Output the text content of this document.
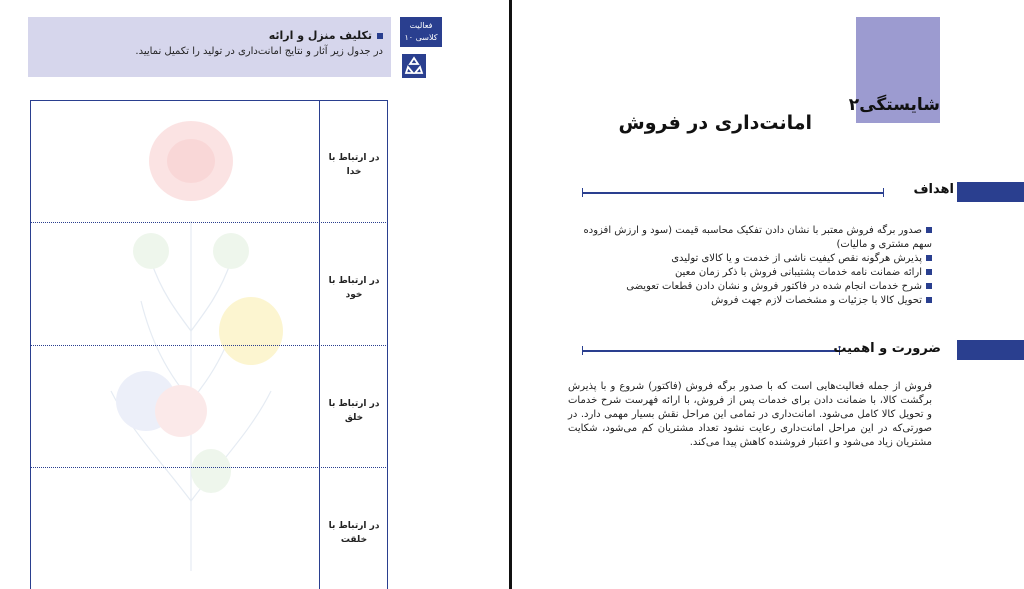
تکلیف منزل و ارائه
در جدول زیر آثار و نتایج امانت‌داری در تولید را تکمیل نمایید.
فعالیت
کلاسی ۱۰
در ارتباط با
خدا
در ارتباط با
خود
در ارتباط با
خلق
در ارتباط با
خلقت
شایستگی۲
امانت‌داری در فروش
اهداف
صدور برگه فروش معتبر با نشان دادن تفکیک محاسبه قیمت (سود و ارزش افزوده سهم مشتری و مالیات)
پذیرش هرگونه نقص کیفیت ناشی از خدمت و یا کالای تولیدی
ارائه ضمانت نامه خدمات پشتیبانی فروش با ذکر زمان معین
شرح خدمات انجام شده در فاکتور فروش و نشان دادن قطعات تعویضی
تحویل کالا با جزئیات و مشخصات لازم جهت فروش
ضرورت و اهمیت
فروش از جمله فعالیت‌هایی است که با صدور برگه فروش (فاکتور) شروع و با پذیرش برگشت کالا، با ضمانت دادن برای خدمات پس از فروش، با ارائه فهرست شرح خدمات و تحویل کالا کامل می‌شود. امانت‌داری در تمامی این مراحل نقش بسیار مهمی دارد. در صورتی‌که در این مراحل امانت‌داری رعایت نشود تعداد مشتریان کم می‌شود، شکایت مشتریان زیاد می‌شود و اعتبار فروشنده کاهش پیدا می‌کند.
